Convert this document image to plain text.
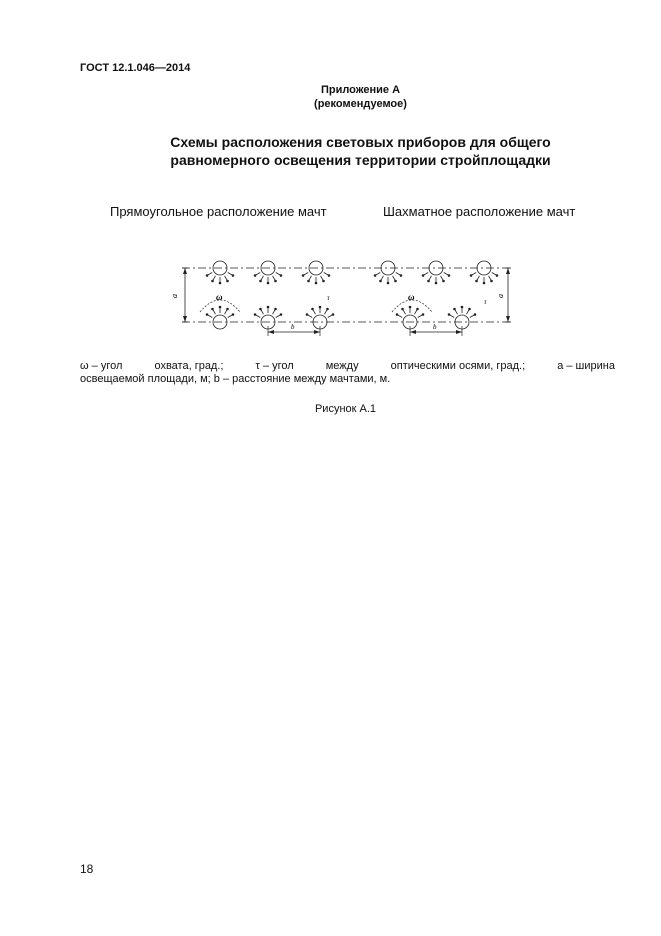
ГОСТ 12.1.046—2014
Приложение А
(рекомендуемое)
Схемы расположения световых приборов для общего
равномерного освещения территории стройплощадки
Прямоугольное расположение мачт	Шахматное расположение мачт
a	a
ω	ω
τ	τ
b	b
ω – угол	охвата, град.;	τ – угол	между	оптическими осями, град.;	а – ширина
освещаемой площади, м; b – расстояние между мачтами, м.
Рисунок А.1
18
